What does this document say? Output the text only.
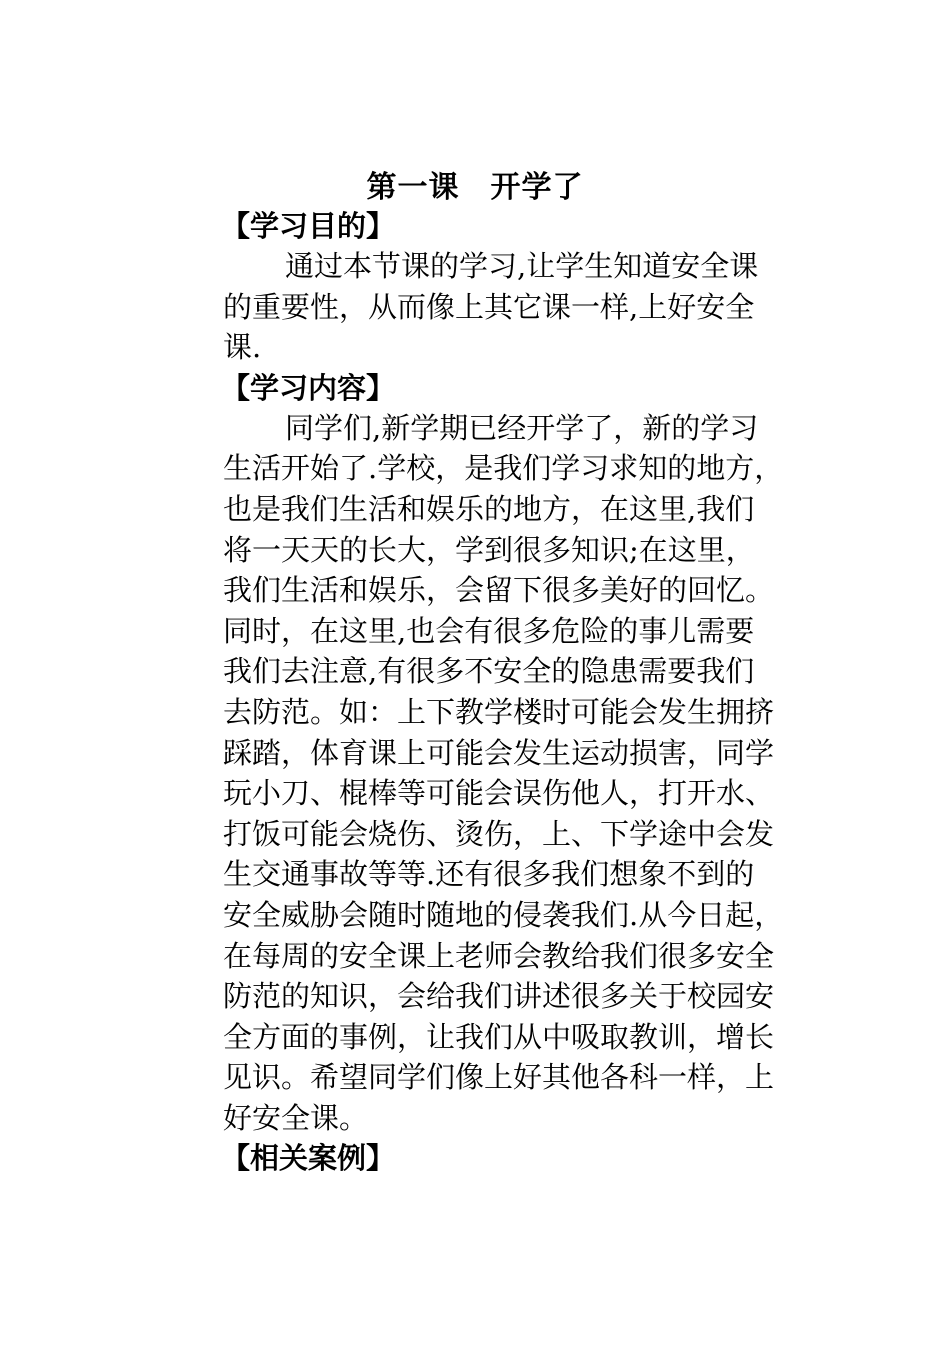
第一课　开学了
【学习目的】
通过本节课的学习,让学生知道安全课
的重要性，从而像上其它课一样,上好安全
课.
【学习内容】
同学们,新学期已经开学了，新的学习
生活开始了.学校，是我们学习求知的地方，
也是我们生活和娱乐的地方，在这里,我们
将一天天的长大，学到很多知识;在这里，
我们生活和娱乐，会留下很多美好的回忆。
同时，在这里,也会有很多危险的事儿需要
我们去注意,有很多不安全的隐患需要我们
去防范。如：上下教学楼时可能会发生拥挤
踩踏，体育课上可能会发生运动损害，同学
玩小刀、棍棒等可能会误伤他人，打开水、
打饭可能会烧伤、烫伤，上、下学途中会发
生交通事故等等.还有很多我们想象不到的
安全威胁会随时随地的侵袭我们.从今日起，
在每周的安全课上老师会教给我们很多安全
防范的知识，会给我们讲述很多关于校园安
全方面的事例，让我们从中吸取教训，增长
见识。希望同学们像上好其他各科一样，上
好安全课。
【相关案例】
